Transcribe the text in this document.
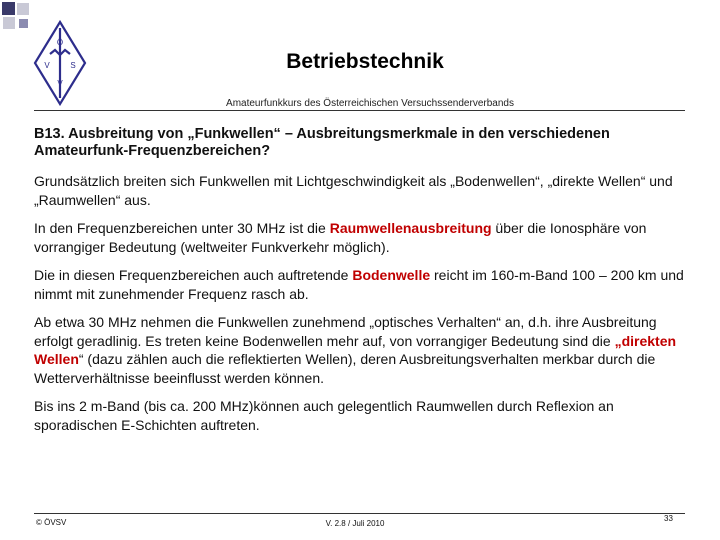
Ö
V	S
V
Betriebstechnik
Amateurfunkkurs des Österreichischen Versuchssenderverbands

B13. Ausbreitung von „Funkwellen“ – Ausbreitungsmerkmale in den verschiedenen Amateurfunk-Frequenzbereichen?

Grundsätzlich breiten sich Funkwellen mit Lichtgeschwindigkeit als „Bodenwellen“, „direkte Wellen“ und „Raumwellen“ aus.

In den Frequenzbereichen unter 30 MHz ist die Raumwellenausbreitung über die Ionosphäre von vorrangiger Bedeutung (weltweiter Funkverkehr möglich).

Die in diesen Frequenzbereichen auch auftretende Bodenwelle reicht im 160-m-Band 100 – 200 km und nimmt mit zunehmender Frequenz rasch ab.

Ab etwa 30 MHz nehmen die Funkwellen zunehmend „optisches Verhalten“ an, d.h. ihre Ausbreitung erfolgt geradlinig. Es treten keine Bodenwellen mehr auf, von vorrangiger Bedeutung sind die „direkten Wellen“ (dazu zählen auch die reflektierten Wellen), deren Ausbreitungsverhalten merkbar durch die Wetterverhältnisse beeinflusst werden können.

Bis ins 2 m-Band (bis ca. 200 MHz)können auch gelegentlich Raumwellen durch Reflexion an sporadischen E-Schichten auftreten.

© ÖVSV	V. 2.8 / Juli 2010
33
